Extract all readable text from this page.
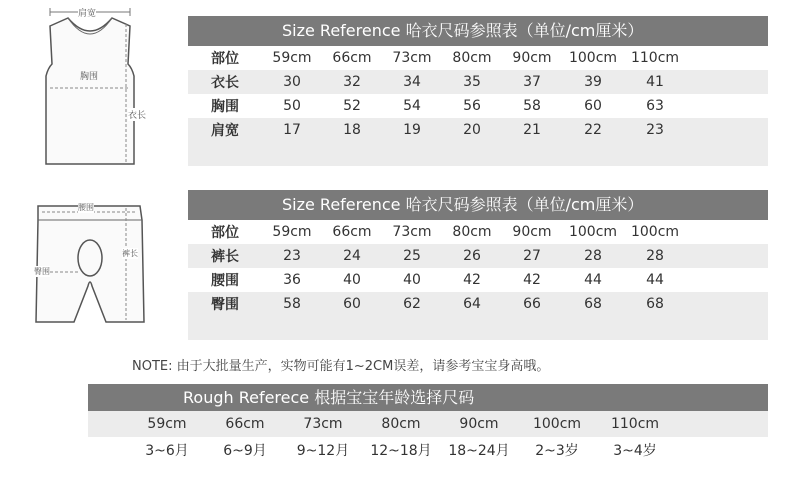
肩宽
胸围
衣长
Size Reference 哈衣尺码参照表（单位/cm厘米）
部位	59cm	66cm	73cm	80cm	90cm	100cm 110cm
衣长	30	32	34	35	37	39	41
胸围	50	52	54	56	58	60	63
肩宽	17	18	19	20	21	22	23
腰围
臀围
裤长
Size Reference 哈衣尺码参照表（单位/cm厘米）
部位	59cm	66cm	73cm	80cm	90cm	100cm 100cm
裤长	23	24	25	26	27	28	28
腰围	36	40	40	42	42	44	44
臀围	58	60	62	64	66	68	68
NOTE: 由于大批量生产，实物可能有1~2CM误差，请参考宝宝身高哦。
Rough Referece 根据宝宝年龄选择尺码
59cm	66cm	73cm	80cm	90cm	100cm	110cm
3~6月	6~9月	9~12月	12~18月	18~24月	2~3岁	3~4岁
